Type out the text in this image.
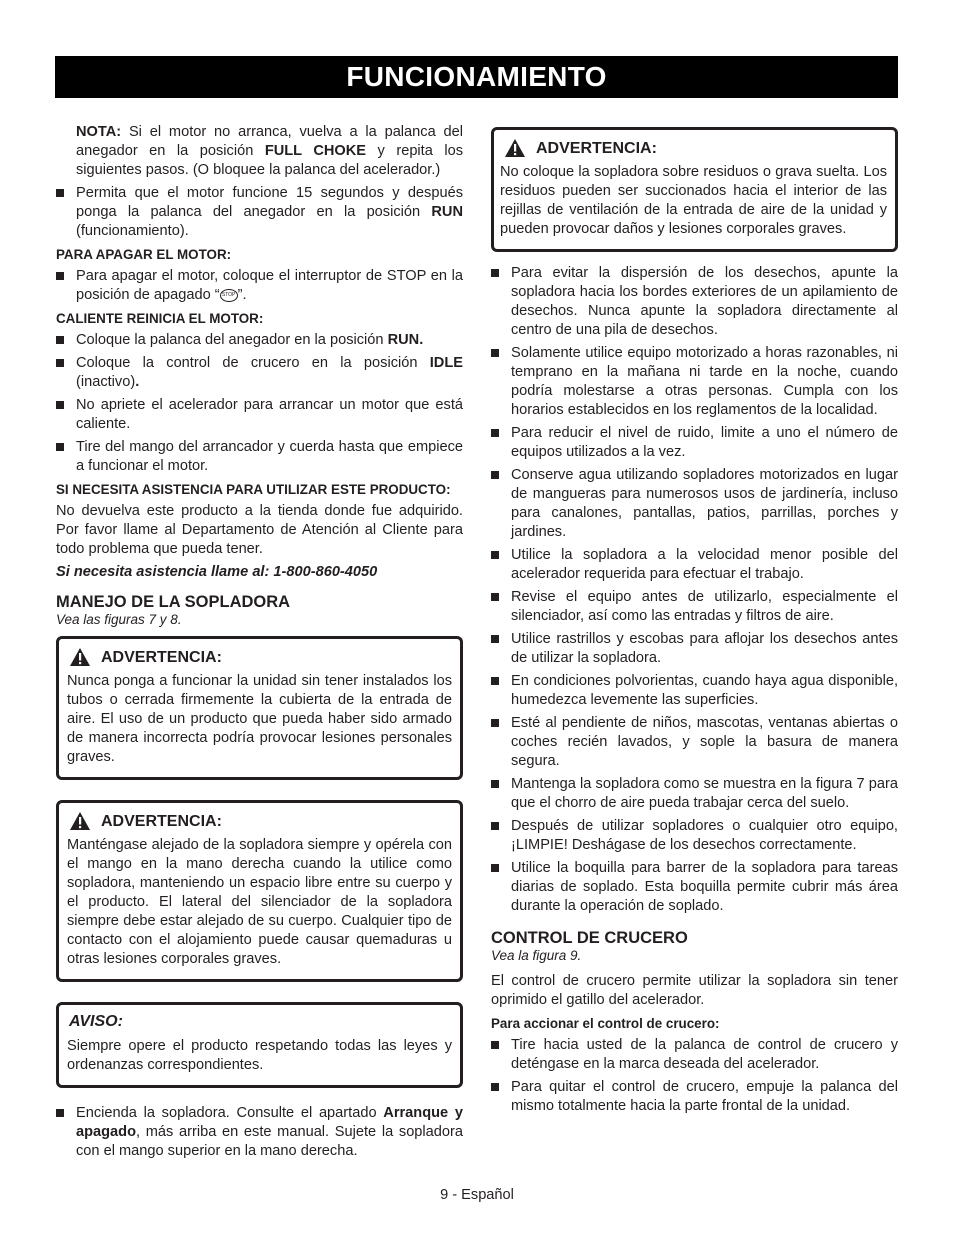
FUNCIONAMIENTO

NOTA: Si el motor no arranca, vuelva a la palanca del anegador en la posición FULL CHOKE y repita los siguientes pasos. (O bloquee la palanca del acelerador.)

Permita que el motor funcione 15 segundos y después ponga la palanca del anegador en la posición RUN (funcionamiento).
PARA APAGAR EL MOTOR:
Para apagar el motor, coloque el interruptor de STOP en la posición de apagado “ STOP ”.
CALIENTE REINICIA EL MOTOR:
Coloque la palanca del anegador en la posición RUN.
Coloque la control de crucero en la posición IDLE (inactivo).
No apriete el acelerador para arrancar un motor que está caliente.
Tire del mango del arrancador y cuerda hasta que empiece a funcionar el motor.
SI NECESITA ASISTENCIA PARA UTILIZAR ESTE PRODUCTO:

No devuelva este producto a la tienda donde fue adquirido. Por favor llame al Departamento de Atención al Cliente para todo problema que pueda tener.

Si necesita asistencia llame al: 1-800-860-4050

MANEJO DE LA SOPLADORA
Vea las figuras 7 y 8.
ADVERTENCIA:

Nunca ponga a funcionar la unidad sin tener instalados los tubos o cerrada firmemente la cubierta de la entrada de aire. El uso de un producto que pueda haber sido armado de manera incorrecta podría provocar lesiones personales graves.

ADVERTENCIA:

Manténgase alejado de la sopladora siempre y opérela con el mango en la mano derecha cuando la utilice como sopladora, manteniendo un espacio libre entre su cuerpo y el producto. El lateral del silenciador de la sopladora siempre debe estar alejado de su cuerpo. Cualquier tipo de contacto con el alojamiento puede causar quemaduras u otras lesiones corporales graves.

AVISO:

Siempre opere el producto respetando todas las leyes y ordenanzas correspondientes.

Encienda la sopladora. Consulte el apartado Arranque y apagado, más arriba en este manual. Sujete la sopladora con el mango superior en la mano derecha.
ADVERTENCIA:

No coloque la sopladora sobre residuos o grava suelta. Los residuos pueden ser succionados hacia el interior de las rejillas de ventilación de la entrada de aire de la unidad y pueden provocar daños y lesiones corporales graves.

Para evitar la dispersión de los desechos, apunte la sopladora hacia los bordes exteriores de un apilamiento de desechos. Nunca apunte la sopladora directamente al centro de una pila de desechos.
Solamente utilice equipo motorizado a horas razonables, ni temprano en la mañana ni tarde en la noche, cuando podría molestarse a otras personas. Cumpla con los horarios establecidos en los reglamentos de la localidad.
Para reducir el nivel de ruido, limite a uno el número de equipos utilizados a la vez.
Conserve agua utilizando sopladores motorizados en lugar de mangueras para numerosos usos de jardinería, incluso para canalones, pantallas, patios, parrillas, porches y jardines.
Utilice la sopladora a la velocidad menor posible del acelerador requerida para efectuar el trabajo.
Revise el equipo antes de utilizarlo, especialmente el silenciador, así como las entradas y filtros de aire.
Utilice rastrillos y escobas para aflojar los desechos antes de utilizar la sopladora.
En condiciones polvorientas, cuando haya agua disponible, humedezca levemente las superficies.
Esté al pendiente de niños, mascotas, ventanas abiertas o coches recién lavados, y sople la basura de manera segura.
Mantenga la sopladora como se muestra en la figura 7 para que el chorro de aire pueda trabajar cerca del suelo.
Después de utilizar sopladores o cualquier otro equipo, ¡LIMPIE! Deshágase de los desechos correctamente.
Utilice la boquilla para barrer de la sopladora para tareas diarias de soplado. Esta boquilla permite cubrir más área durante la operación de soplado.
CONTROL DE CRUCERO
Vea la figura 9.

El control de crucero permite utilizar la sopladora sin tener oprimido el gatillo del acelerador.

Para accionar el control de crucero:
Tire hacia usted de la palanca de control de crucero y deténgase en la marca deseada del acelerador.
Para quitar el control de crucero, empuje la palanca del mismo totalmente hacia la parte frontal de la unidad.
9 - Español
